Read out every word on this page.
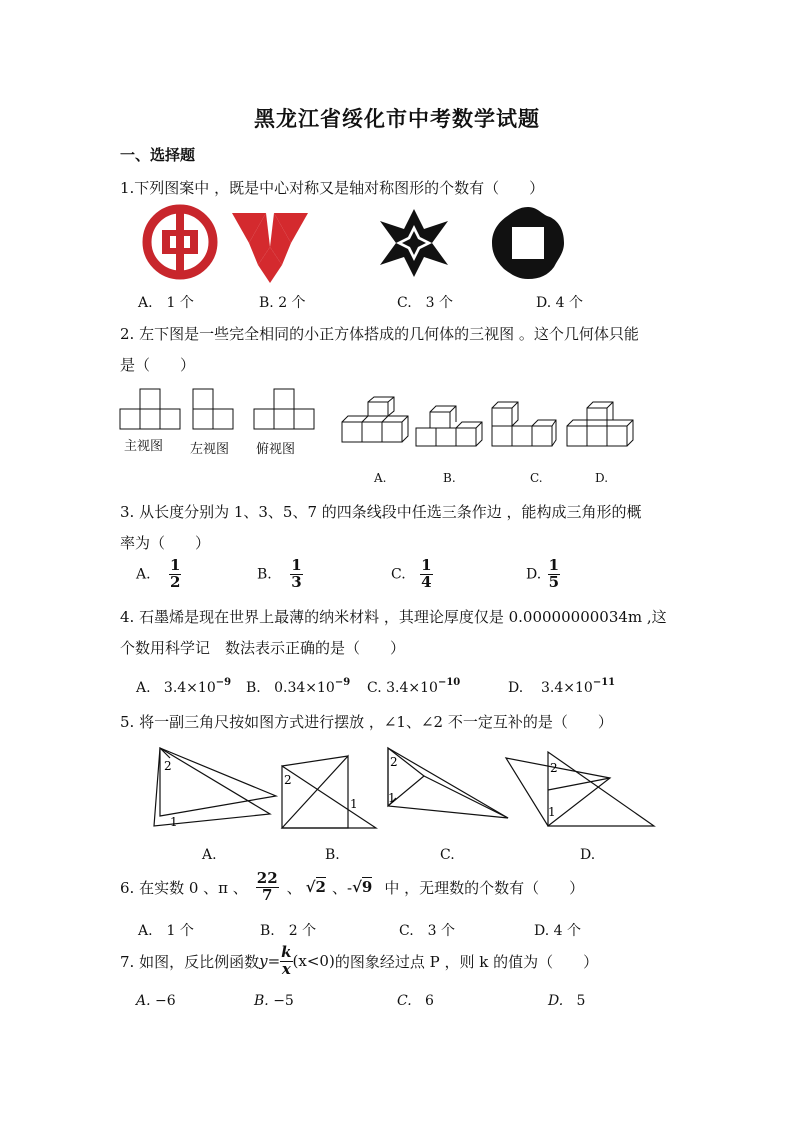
黑龙江省绥化市中考数学试题
一、选择题
1.下列图案中 ，既是中心对称又是轴对称图形的个数有（　　）
A.　1 个	B. 2 个	C.　3 个	D. 4 个
2. 左下图是一些完全相同的小正方体搭成的几何体的三视图 。这个几何体只能
是（　　）
主视图 左视图 俯视图
A.	B.	C.	D.
3. 从长度分别为 1、3、5、7 的四条线段中任选三条作边 ，能构成三角形的概
率为（　　）
A. $\frac{1}{2}$	B. $\frac{1}{3}$	C. $\frac{1}{4}$	D. $\frac{1}{5}$
4. 石墨烯是现在世界上最薄的纳米材料 ，其理论厚度仅是 0.00000000034m ,这
个数用科学记　数法表示正确的是（　　）
A. $3.4\times 10^{-9}$ B. $0.34\times 10^{-9}$ C. $3.4\times 10^{-10}$	D. $3.4\times 10^{-11}$
5. 将一副三角尺按如图方式进行摆放 ，∠1、∠2 不一定互补的是（　　）
2
1
2
1
2
1
2
1
A.	B.	C.	D.
6. 在实数 0 、π 、 $\frac{22}{7}$ 、 √2 、- √9 中 ，无理数的个数有（　　）
A.　1 个	B.　2 个	C.　3 个	D. 4 个
7. 如图，反比例函数 $y= \frac{k}{x} (x<0)$ 的图象经过点 P ，则 k 的值为（　　）
A. −6	B. −5	C. 6	D. 5
